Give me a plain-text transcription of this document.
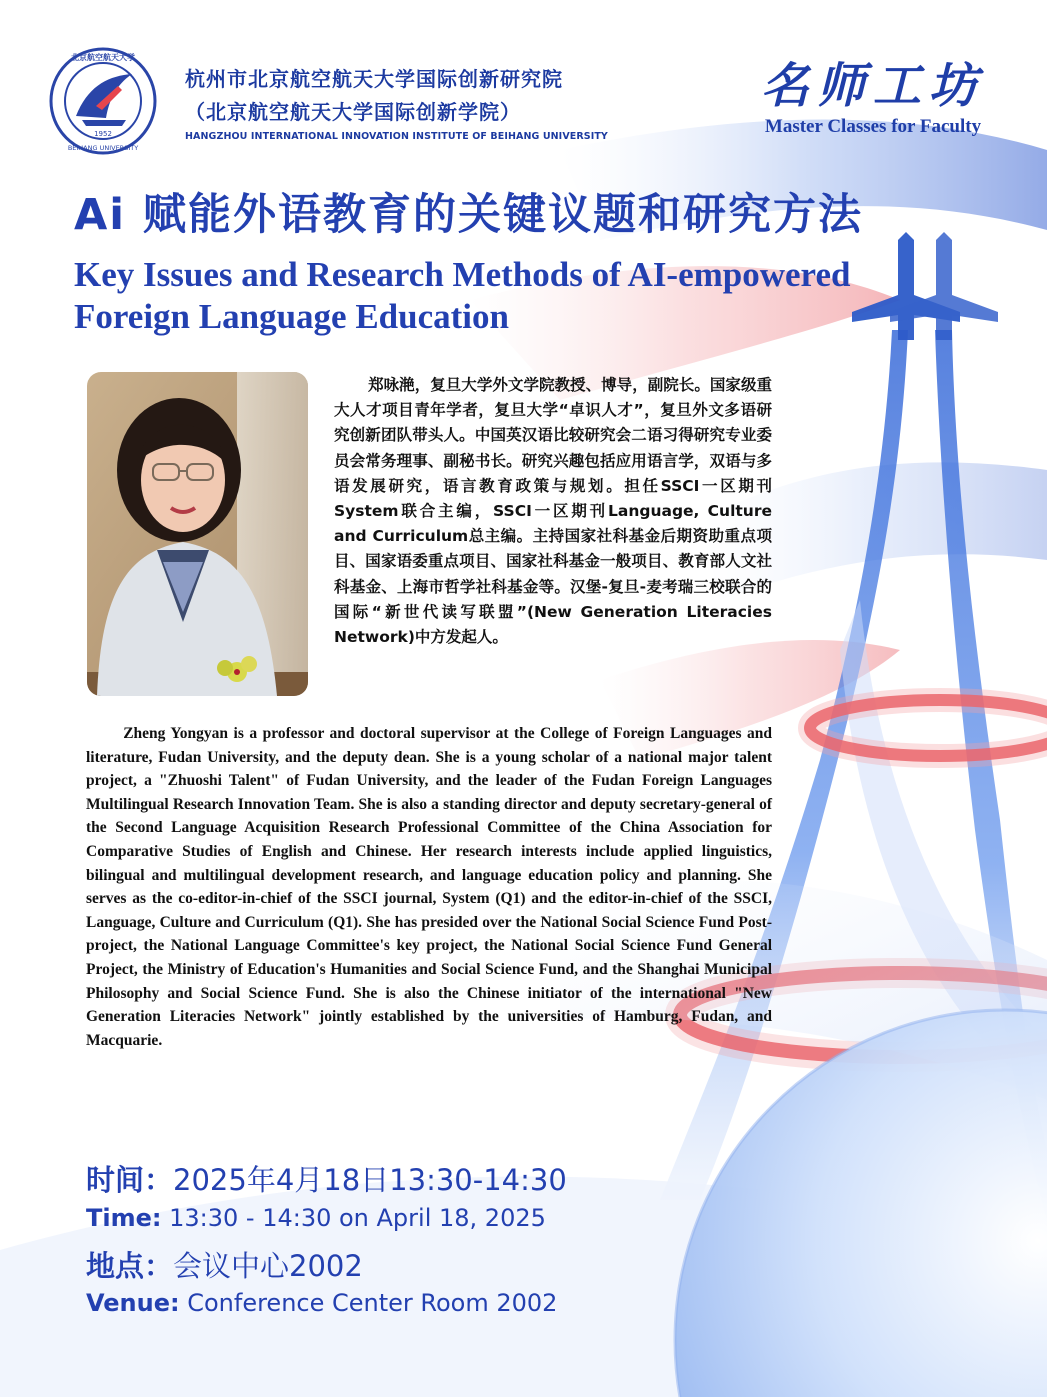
1952
北京航空航天大学
BEIHANG UNIVERSITY
杭州市北京航空航天大学国际创新研究院
（北京航空航天大学国际创新学院）
HANGZHOU INTERNATIONAL INNOVATION INSTITUTE OF BEIHANG UNIVERSITY
名师工坊
Master Classes for Faculty
Ai 赋能外语教育的关键议题和研究方法
Key Issues and Research Methods of AI-empowered
Foreign Language Education

郑咏滟，复旦大学外文学院教授、博导，副院长。国家级重大人才项目青年学者，复旦大学“卓识人才”，复旦外文多语研究创新团队带头人。中国英汉语比较研究会二语习得研究专业委员会常务理事、副秘书长。研究兴趣包括应用语言学，双语与多语发展研究，语言教育政策与规划。担任SSCI一区期刊System联合主编，SSCI一区期刊Language, Culture and Curriculum总主编。主持国家社科基金后期资助重点项目、国家语委重点项目、国家社科基金一般项目、教育部人文社科基金、上海市哲学社科基金等。汉堡-复旦-麦考瑞三校联合的国际“新世代读写联盟”(New Generation Literacies Network)中方发起人。

Zheng Yongyan is a professor and doctoral supervisor at the College of Foreign Languages and literature, Fudan University, and the deputy dean. She is a young scholar of a national major talent project, a "Zhuoshi Talent" of Fudan University, and the leader of the Fudan Foreign Languages Multilingual Research Innovation Team. She is also a standing director and deputy secretary-general of the Second Language Acquisition Research Professional Committee of the China Association for Comparative Studies of English and Chinese. Her research interests include applied linguistics, bilingual and multilingual development research, and language education policy and planning. She serves as the co-editor-in-chief of the SSCI journal, System (Q1) and the editor-in-chief of the SSCI, Language, Culture and Curriculum (Q1). She has presided over the National Social Science Fund Post-project, the National Language Committee's key project, the National Social Science Fund General Project, the Ministry of Education's Humanities and Social Science Fund, and the Shanghai Municipal Philosophy and Social Science Fund. She is also the Chinese initiator of the international "New Generation Literacies Network" jointly established by the universities of Hamburg, Fudan, and Macquarie.

时间：2025年4月18日13:30-14:30
Time: 13:30 - 14:30 on April 18, 2025
地点：会议中心2002
Venue: Conference Center Room 2002
